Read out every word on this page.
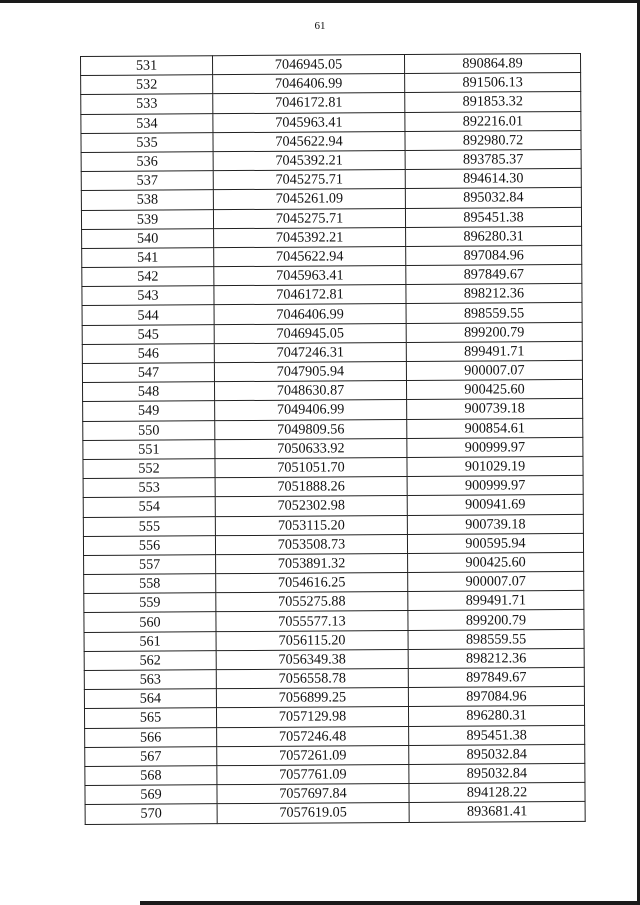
61
531	7046945.05	890864.89
532	7046406.99	891506.13
533	7046172.81	891853.32
534	7045963.41	892216.01
535	7045622.94	892980.72
536	7045392.21	893785.37
537	7045275.71	894614.30
538	7045261.09	895032.84
539	7045275.71	895451.38
540	7045392.21	896280.31
541	7045622.94	897084.96
542	7045963.41	897849.67
543	7046172.81	898212.36
544	7046406.99	898559.55
545	7046945.05	899200.79
546	7047246.31	899491.71
547	7047905.94	900007.07
548	7048630.87	900425.60
549	7049406.99	900739.18
550	7049809.56	900854.61
551	7050633.92	900999.97
552	7051051.70	901029.19
553	7051888.26	900999.97
554	7052302.98	900941.69
555	7053115.20	900739.18
556	7053508.73	900595.94
557	7053891.32	900425.60
558	7054616.25	900007.07
559	7055275.88	899491.71
560	7055577.13	899200.79
561	7056115.20	898559.55
562	7056349.38	898212.36
563	7056558.78	897849.67
564	7056899.25	897084.96
565	7057129.98	896280.31
566	7057246.48	895451.38
567	7057261.09	895032.84
568	7057761.09	895032.84
569	7057697.84	894128.22
570	7057619.05	893681.41
